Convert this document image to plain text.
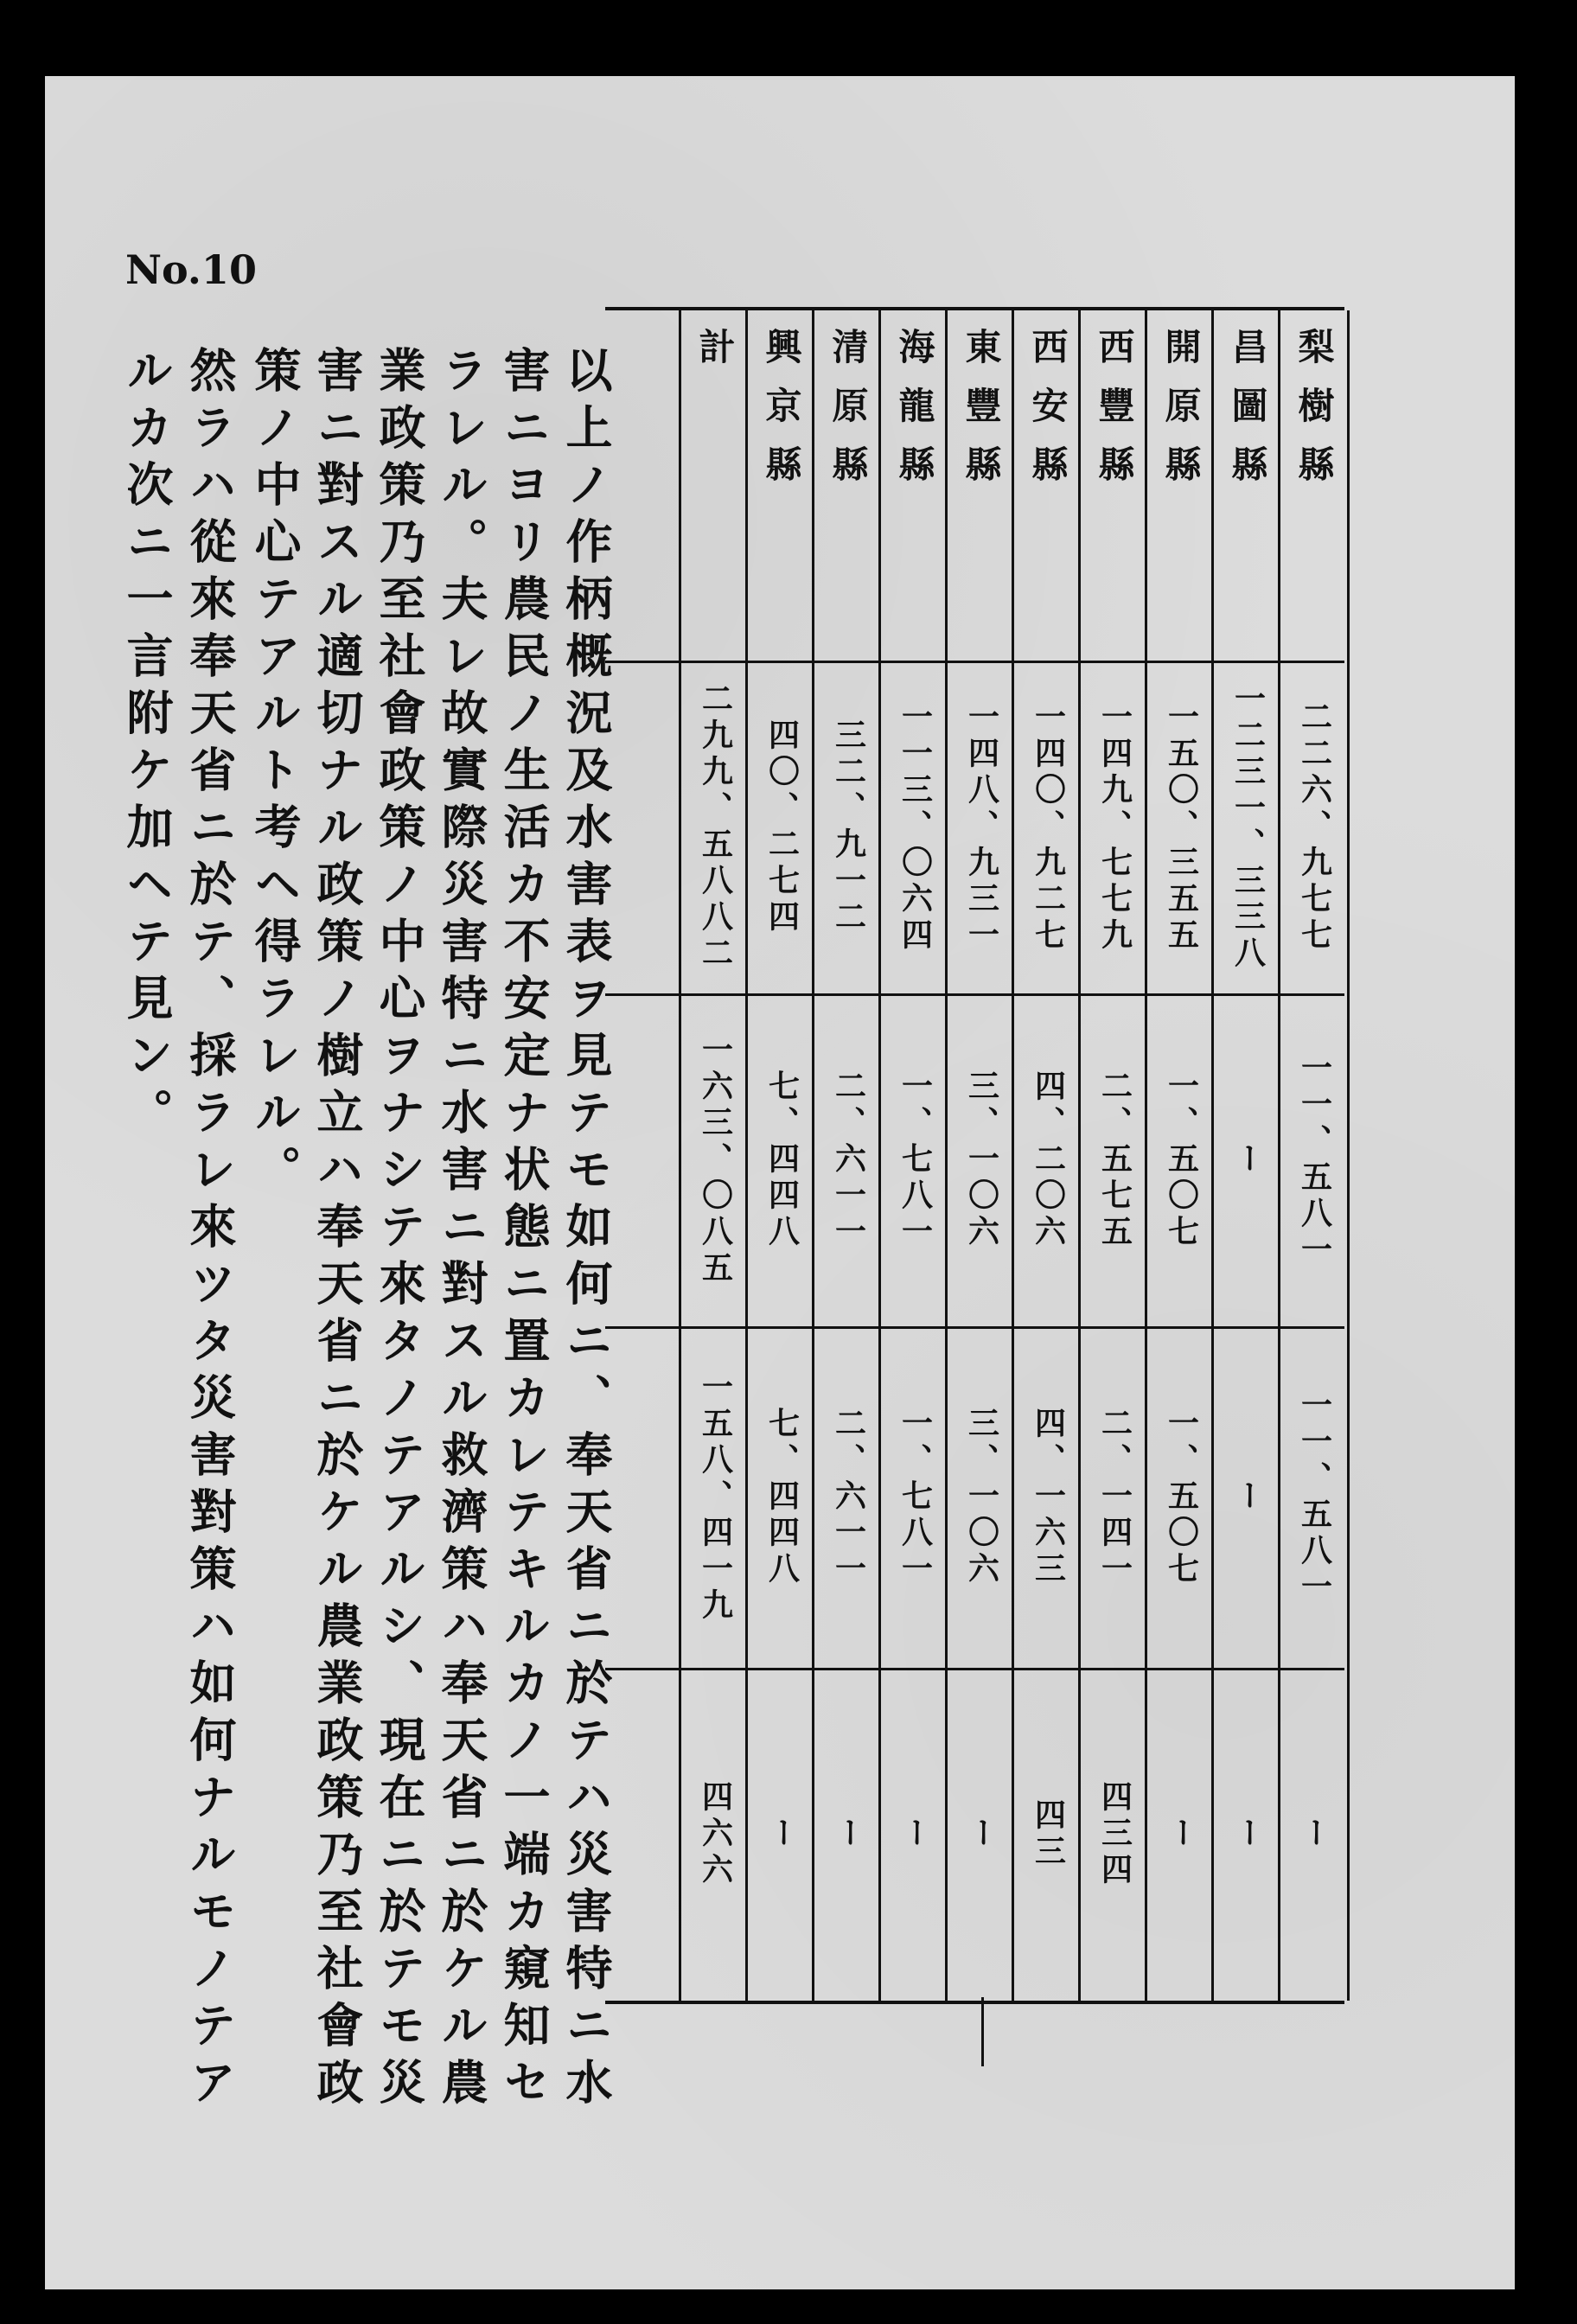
No.10
以上ノ作柄概況及水害表ヲ見テモ如何ニ、奉天省ニ於テハ災害特ニ水
害ニヨリ農民ノ生活カ不安定ナ状態ニ置カレテキルカノ一端カ窺知セ
ラレル。夫レ故實際災害特ニ水害ニ對スル救濟策ハ奉天省ニ於ケル農
業政策乃至社會政策ノ中心ヲナシテ來タノテアルシ、現在ニ於テモ災
害ニ對スル適切ナル政策ノ樹立ハ奉天省ニ於ケル農業政策乃至社會政
策ノ中心テアルト考ヘ得ラレル。
然ラハ從來奉天省ニ於テ、採ラレ來ツタ災害對策ハ如何ナルモノテア
ルカ次ニ一言附ケ加ヘテ見ン。	梨樹縣
二二六、九七七
一一、五八一
一一、五八一
ー
昌圖縣
一二三一、三三八
ー
ー
ー
開原縣
一五〇、三五五
一、五〇七
一、五〇七
ー
西豐縣
一四九、七七九
二、五七五
二、一四一
四三四
西安縣
一四〇、九二七
四、二〇六
四、一六三
四三
東豐縣
一四八、九三一
三、一〇六
三、一〇六
ー
海龍縣
一一三、〇六四
一、七八一
一、七八一
ー
清原縣
三二、九一二
二、六一一
二、六一一
ー
興京縣
四〇、二七四
七、四四八
七、四四八
ー
計
二九九、五八八二
一六三、〇八五
一五八、四一九
四六六
